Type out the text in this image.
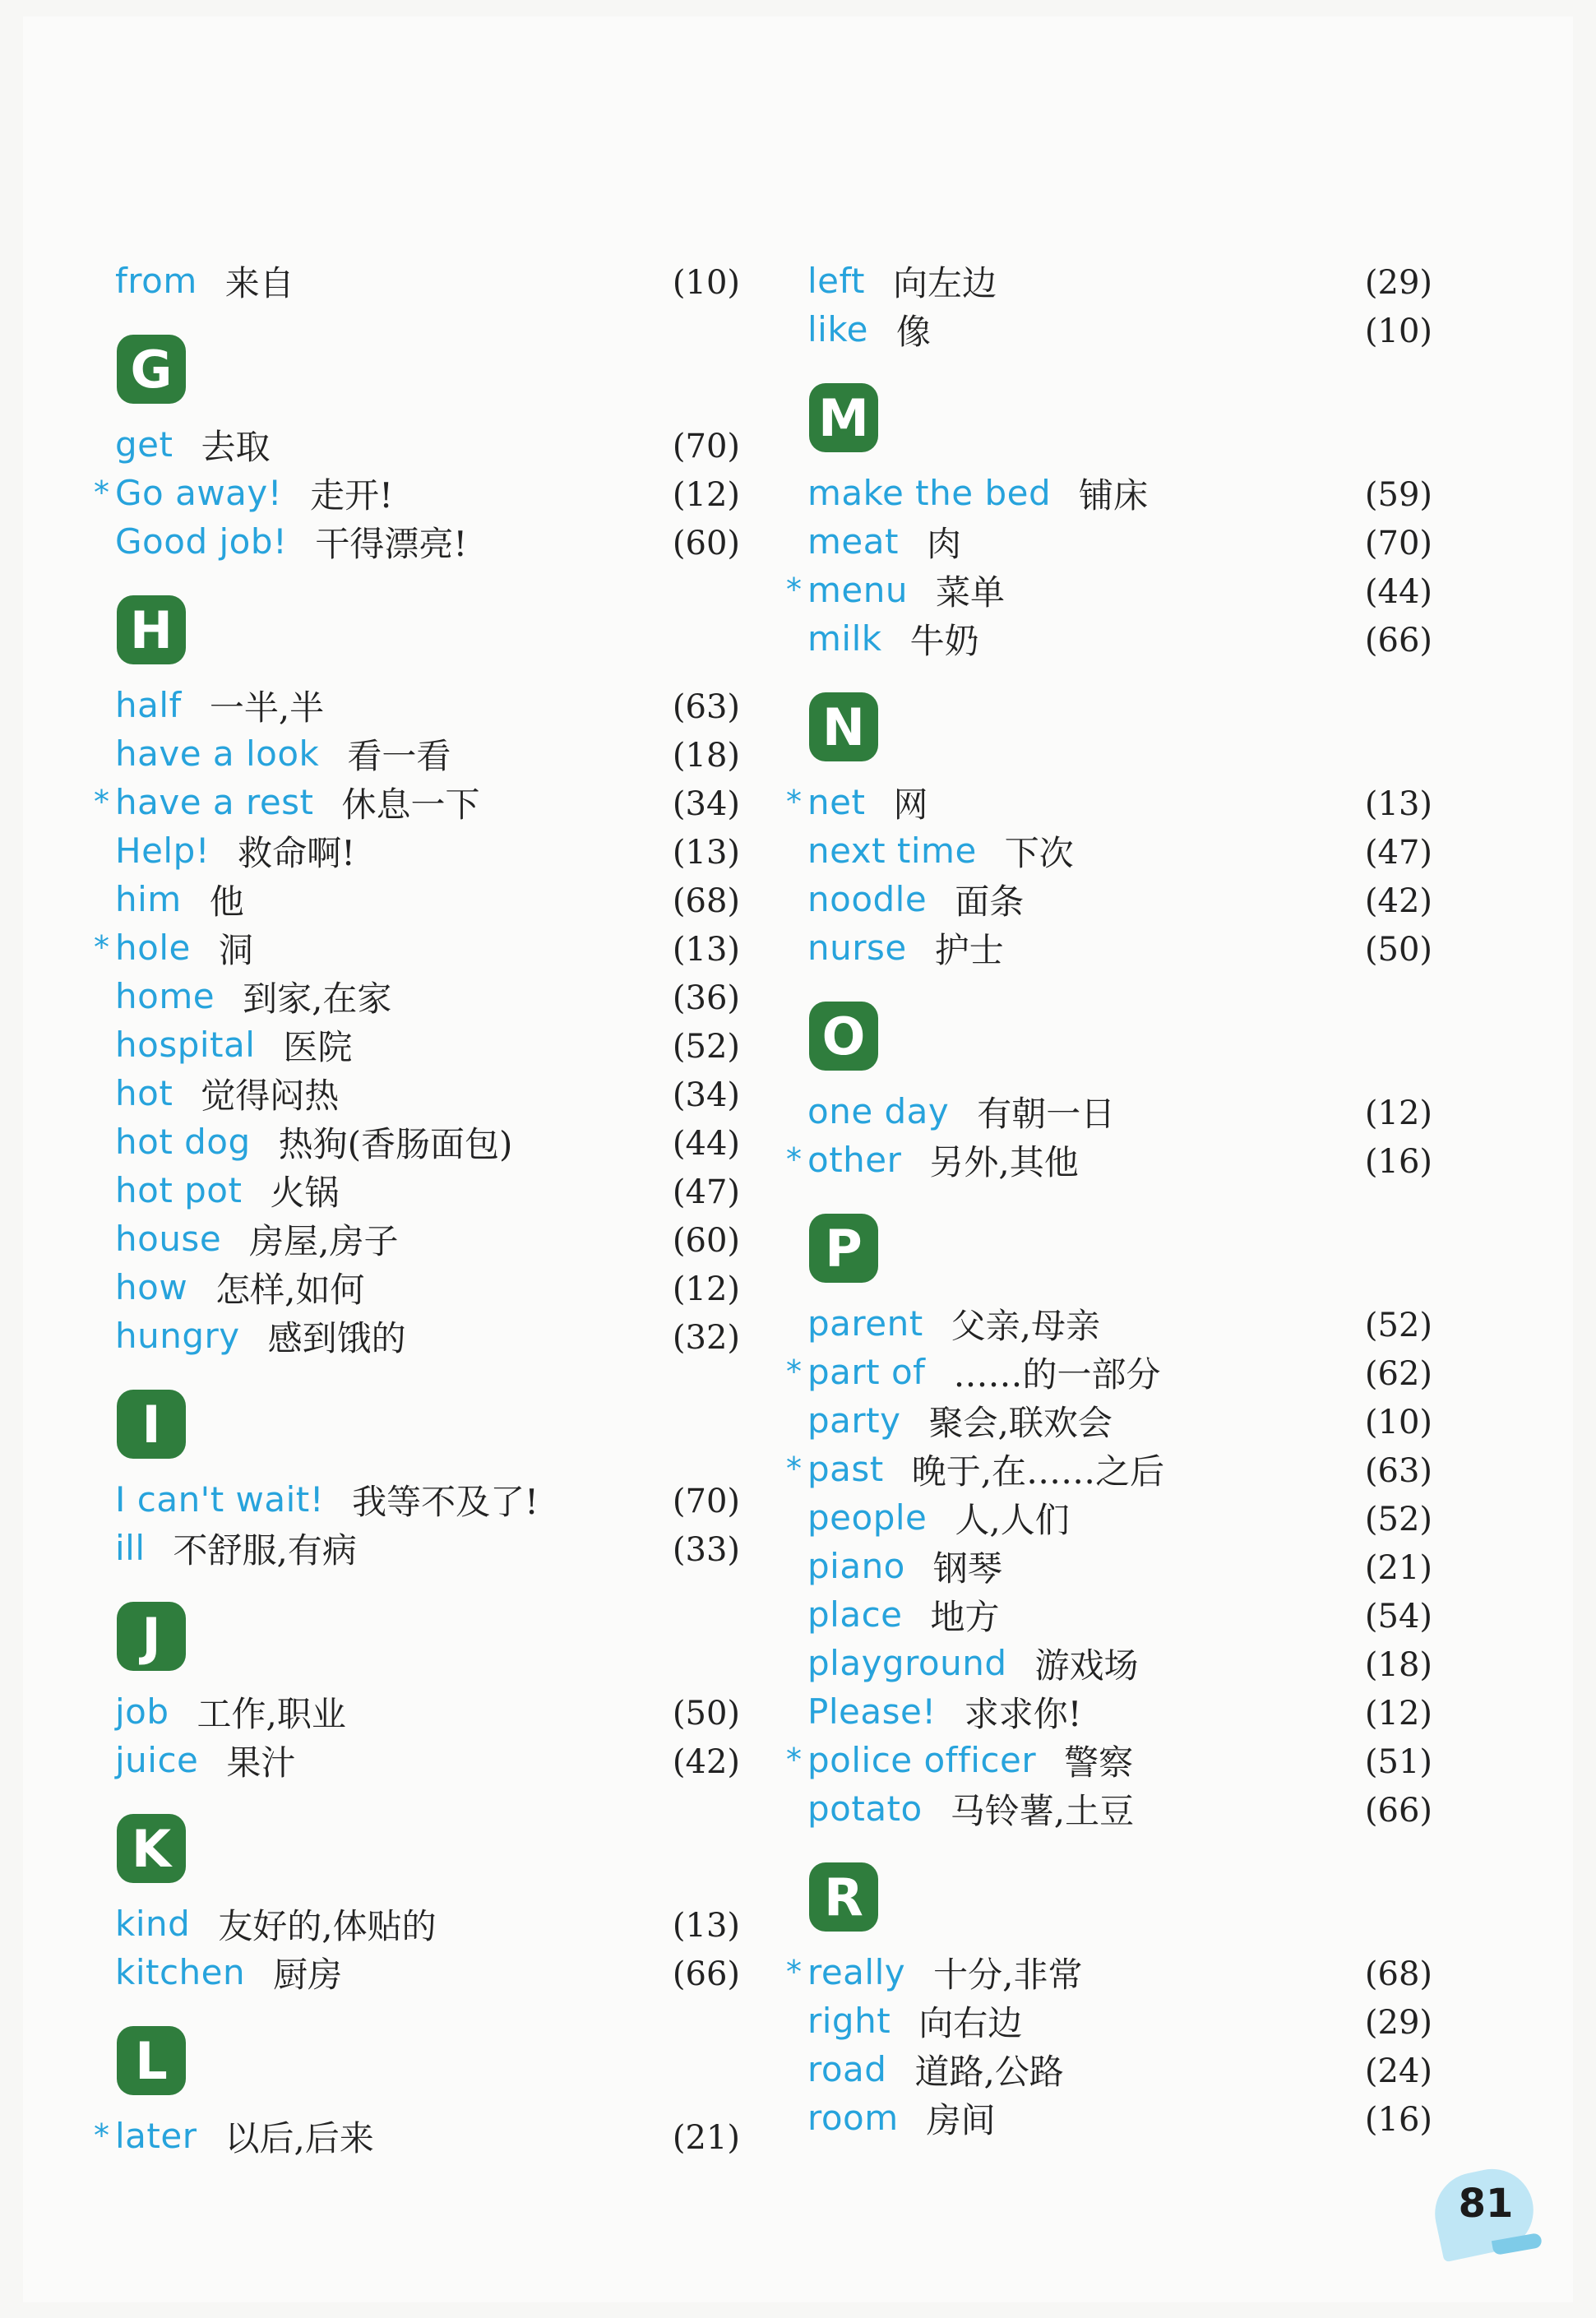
from 来自	(10)
G
get 去取	(70)
* Go away! 走开!	(12)
Good job! 干得漂亮!	(60)
H
half 一半,半	(63)
have a look 看一看	(18)
* have a rest 休息一下	(34)
Help! 救命啊!	(13)
him 他	(68)
* hole 洞	(13)
home 到家,在家	(36)
hospital 医院	(52)
hot 觉得闷热	(34)
hot dog 热狗(香肠面包)	(44)
hot pot 火锅	(47)
house 房屋,房子	(60)
how 怎样,如何	(12)
hungry 感到饿的	(32)
I
I can't wait! 我等不及了!	(70)
ill 不舒服,有病	(33)
J
job 工作,职业	(50)
juice 果汁	(42)
K
kind 友好的,体贴的	(13)
kitchen 厨房	(66)
L
* later 以后,后来	(21)
left 向左边	(29)
like 像	(10)
M
make the bed 铺床	(59)
meat 肉	(70)
* menu 菜单	(44)
milk 牛奶	(66)
N
* net 网	(13)
next time 下次	(47)
noodle 面条	(42)
nurse 护士	(50)
O
one day 有朝一日	(12)
* other 另外,其他	(16)
P
parent 父亲,母亲	(52)
* part of ……的一部分	(62)
party 聚会,联欢会	(10)
* past 晚于,在……之后	(63)
people 人,人们	(52)
piano 钢琴	(21)
place 地方	(54)
playground 游戏场	(18)
Please! 求求你!	(12)
* police officer 警察	(51)
potato 马铃薯,土豆	(66)
R
* really 十分,非常	(68)
right 向右边	(29)
road 道路,公路	(24)
room 房间	(16)
81
